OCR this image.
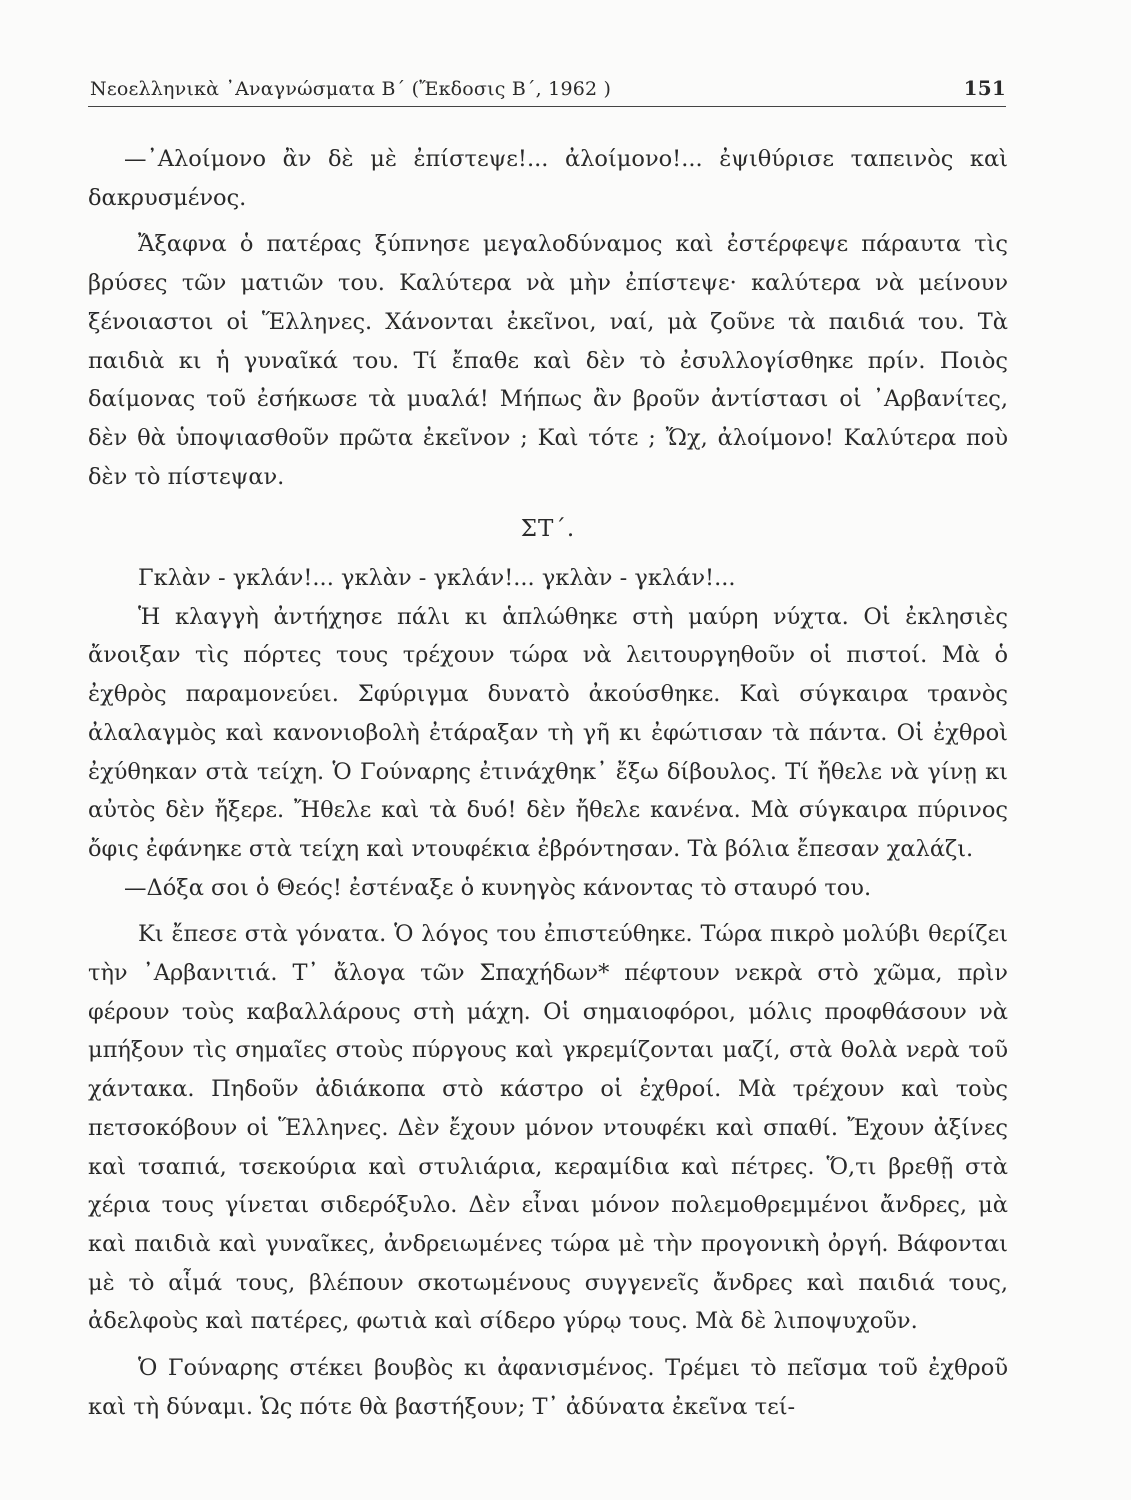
Νεοελληνικὰ ᾿Αναγνώσματα Β΄ (Ἔκδοσις Β΄, 1962 )	151

—᾿Αλοίμονο ἂν δὲ μὲ ἐπίστεψε!... ἀλοίμονο!... ἐψιθύρισε ταπεινὸς καὶ δακρυσμένος.

Ἄξαφνα ὁ πατέρας ξύπνησε μεγαλοδύναμος καὶ ἐστέρφεψε πάραυτα τὶς βρύσες τῶν ματιῶν του. Καλύτερα νὰ μὴν ἐπίστεψε· καλύτερα νὰ μείνουν ξένοιαστοι οἱ Ἕλληνες. Χάνονται ἐκεῖνοι, ναί, μὰ ζοῦνε τὰ παιδιά του. Τὰ παιδιὰ κι ἡ γυναῖκά του. Τί ἔπαθε καὶ δὲν τὸ ἐσυλλογίσθηκε πρίν. Ποιὸς δαίμονας τοῦ ἐσήκωσε τὰ μυαλά! Μήπως ἂν βροῦν ἀντίστασι οἱ ᾿Αρβανίτες, δὲν θὰ ὑποψιασθοῦν πρῶτα ἐκεῖνον ; Καὶ τότε ; Ὤχ, ἀλοίμονο! Καλύτερα ποὺ δὲν τὸ πίστεψαν.

ΣΤ΄.

Γκλὰν - γκλάν!... γκλὰν - γκλάν!... γκλὰν - γκλάν!...

Ἡ κλαγγὴ ἀντήχησε πάλι κι ἁπλώθηκε στὴ μαύρη νύχτα. Οἱ ἐκλησιὲς ἄνοιξαν τὶς πόρτες τους τρέχουν τώρα νὰ λειτουργηθοῦν οἱ πιστοί. Μὰ ὁ ἐχθρὸς παραμονεύει. Σφύριγμα δυνατὸ ἀκούσθηκε. Καὶ σύγκαιρα τρανὸς ἀλαλαγμὸς καὶ κανονιοβολὴ ἐτάραξαν τὴ γῆ κι ἐφώτισαν τὰ πάντα. Οἱ ἐχθροὶ ἐχύθηκαν στὰ τείχη. Ὁ Γούναρης ἐτινάχθηκ᾿ ἔξω δίβουλος. Τί ἤθελε νὰ γίνῃ κι αὐτὸς δὲν ἤξερε. Ἤθελε καὶ τὰ δυό! δὲν ἤθελε κανένα. Μὰ σύγκαιρα πύρινος ὄφις ἐφάνηκε στὰ τείχη καὶ ντουφέκια ἐβρόντησαν. Τὰ βόλια ἔπεσαν χαλάζι.

—Δόξα σοι ὁ Θεός! ἐστέναξε ὁ κυνηγὸς κάνοντας τὸ σταυρό του.

Κι ἔπεσε στὰ γόνατα. Ὁ λόγος του ἐπιστεύθηκε. Τώρα πικρὸ μολύβι θερίζει τὴν ᾿Αρβανιτιά. Τ᾿ ἄλογα τῶν Σπαχήδων* πέφτουν νεκρὰ στὸ χῶμα, πρὶν φέρουν τοὺς καβαλλάρους στὴ μάχη. Οἱ σημαιοφόροι, μόλις προφθάσουν νὰ μπήξουν τὶς σημαῖες στοὺς πύργους καὶ γκρεμίζονται μαζί, στὰ θολὰ νερὰ τοῦ χάντακα. Πηδοῦν ἀδιάκοπα στὸ κάστρο οἱ ἐχθροί. Μὰ τρέχουν καὶ τοὺς πετσοκόβουν οἱ Ἕλληνες. Δὲν ἔχουν μόνον ντουφέκι καὶ σπαθί. Ἔχουν ἀξίνες καὶ τσαπιά, τσεκούρια καὶ στυλιάρια, κεραμίδια καὶ πέτρες. Ὅ,τι βρεθῇ στὰ χέρια τους γίνεται σιδερόξυλο. Δὲν εἶναι μόνον πολεμοθρεμμένοι ἄνδρες, μὰ καὶ παιδιὰ καὶ γυναῖκες, ἀνδρειωμένες τώρα μὲ τὴν προγονικὴ ὀργή. Βάφονται μὲ τὸ αἷμά τους, βλέπουν σκοτωμένους συγγενεῖς ἄνδρες καὶ παιδιά τους, ἀδελφοὺς καὶ πατέρες, φωτιὰ καὶ σίδερο γύρῳ τους. Μὰ δὲ λιποψυχοῦν.

Ὁ Γούναρης στέκει βουβὸς κι ἀφανισμένος. Τρέμει τὸ πεῖσμα τοῦ ἐχθροῦ καὶ τὴ δύναμι. Ὡς πότε θὰ βαστήξουν; Τ᾿ ἀδύνατα ἐκεῖνα τεί-
